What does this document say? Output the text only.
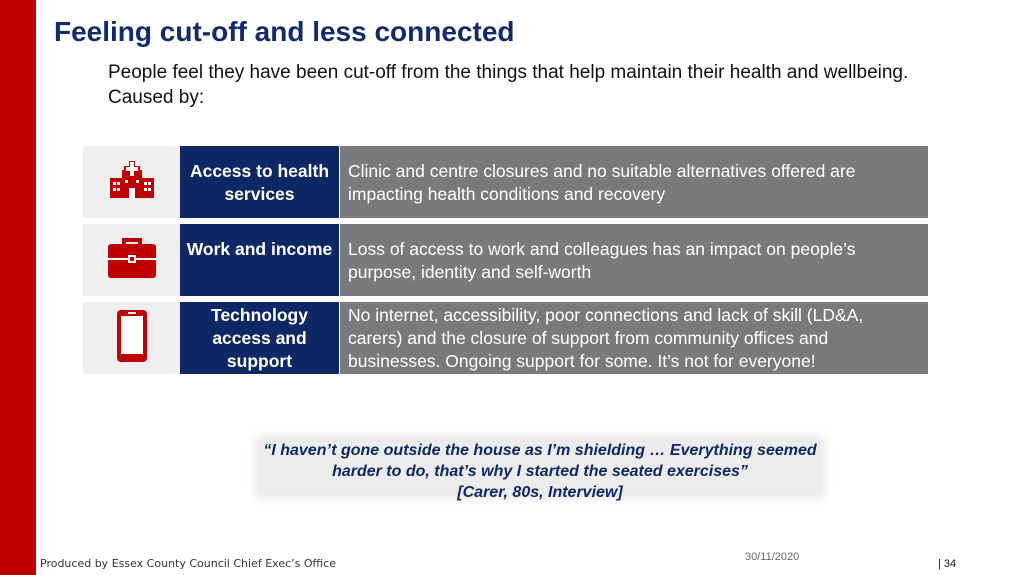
Feeling cut-off and less connected
People feel they have been cut-off from the things that help maintain their health and wellbeing. Caused by:
Access to health services
Clinic and centre closures and no suitable alternatives offered are impacting health conditions and recovery
Work and income Loss of access to work and colleagues has an impact on people’s purpose, identity and self-worth
Technology access and support
No internet, accessibility, poor connections and lack of skill (LD&A, carers) and the closure of support from community offices and businesses. Ongoing support for some. It’s not for everyone!
“I haven’t gone outside the house as I’m shielding … Everything seemed harder to do, that’s why I started the seated exercises”
[Carer, 80s, Interview]
Produced by Essex County Council Chief Exec’s Office	30/11/2020
| 34
